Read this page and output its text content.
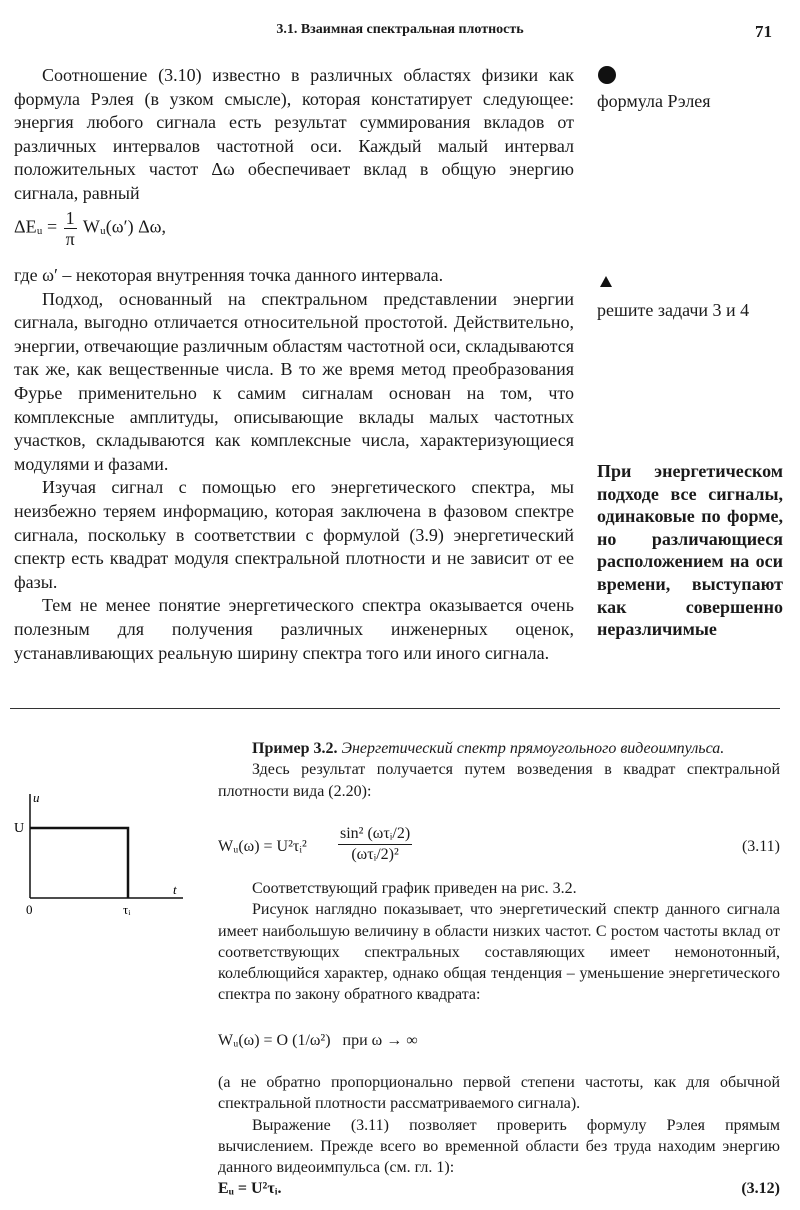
3.1. Взаимная спектральная плотность	71

Соотношение (3.10) известно в различных областях физики как формула Рэлея (в узком смысле), которая констатирует следующее: энергия любого сигнала есть результат суммирования вкладов от различных интервалов частотной оси. Каждый малый интервал положительных частот Δω обеспечивает вклад в общую энергию сигнала, равный

ΔEᵤ = $\frac{1}{\pi}$ Wᵤ(ω′) Δω,

где ω′ – некоторая внутренняя точка данного интервала.

Подход, основанный на спектральном представлении энергии сигнала, выгодно отличается относительной простотой. Действительно, энергии, отвечающие различным областям частотной оси, складываются так же, как вещественные числа. В то же время метод преобразования Фурье применительно к самим сигналам основан на том, что комплексные амплитуды, описывающие вклады малых частотных участков, складываются как комплексные числа, характеризующиеся модулями и фазами.

Изучая сигнал с помощью его энергетического спектра, мы неизбежно теряем информацию, которая заключена в фазовом спектре сигнала, поскольку в соответствии с формулой (3.9) энергетический спектр есть квадрат модуля спектральной плотности и не зависит от ее фазы.

Тем не менее понятие энергетического спектра оказывается очень полезным для получения различных инженерных оценок, устанавливающих реальную ширину спектра того или иного сигнала.

формула Рэлея
решите задачи 3 и 4
При энергетическом подходе все сигналы, одинаковые по форме, но различающиеся расположением на оси времени, выступают как совершенно неразличимые
u
U
t
0	τᵢ

Пример 3.2. Энергетический спектр прямоугольного видеоимпульса.

Здесь результат получается путем возведения в квадрат спектральной плотности вида (2.20):

Wᵤ(ω) = U²τᵢ²
sin² (ωτᵢ/2)
(ωτᵢ/2)²	(3.11)

Соответствующий график приведен на рис. 3.2.

Рисунок наглядно показывает, что энергетический спектр данного сигнала имеет наибольшую величину в области низких частот. С ростом частоты вклад от соответствующих спектральных составляющих имеет немонотонный, колеблющийся характер, однако общая тенденция – уменьшение энергетического спектра по закону обратного квадрата:

Wᵤ(ω) = O (1/ω²)   при ω → ∞

(а не обратно пропорционально первой степени частоты, как для обычной спектральной плотности рассматриваемого сигнала).

Выражение (3.11) позволяет проверить формулу Рэлея прямым вычислением. Прежде всего во временной области без труда находим энергию данного видеоимпульса (см. гл. 1):

Eᵤ = U²τᵢ.	(3.12)
